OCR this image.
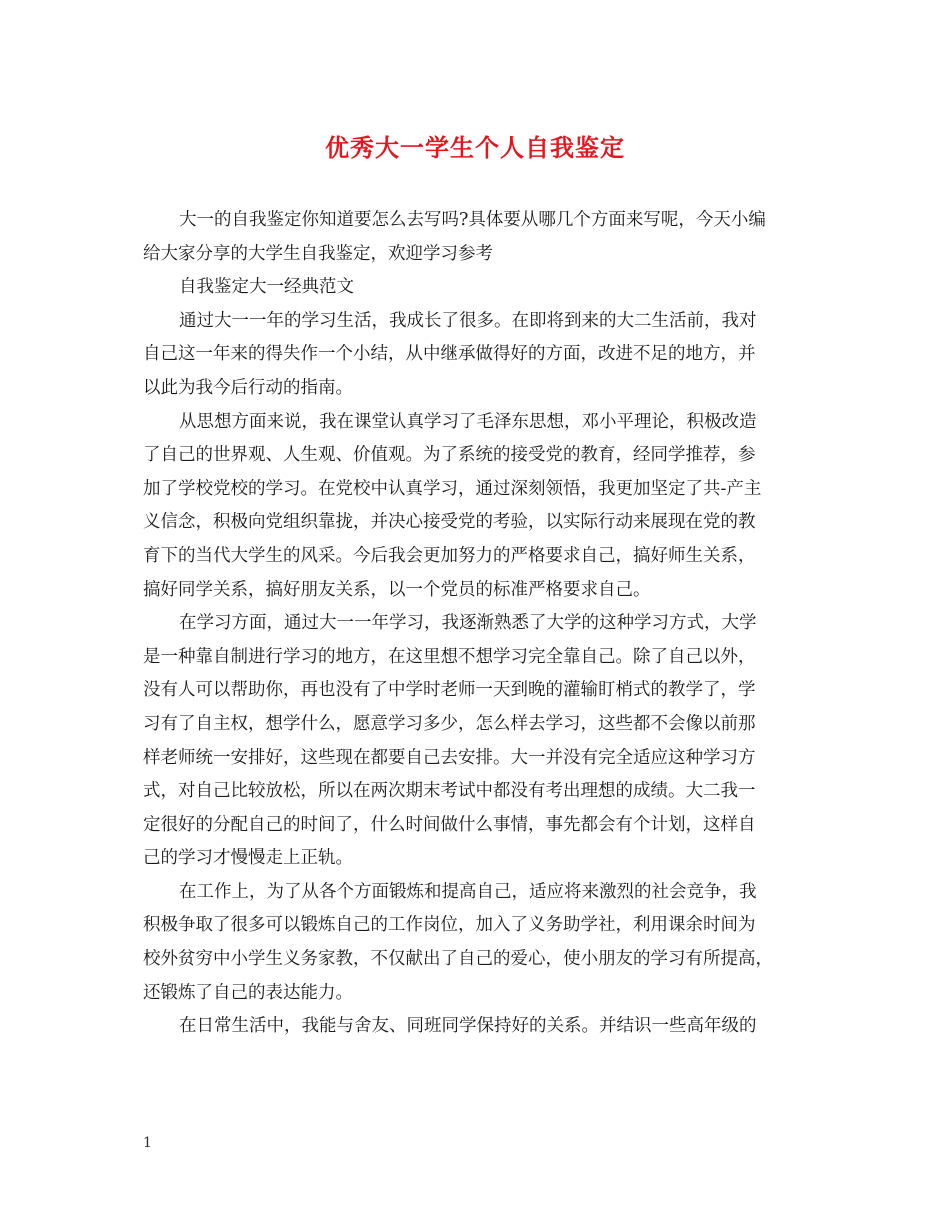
优秀大一学生个人自我鉴定
大一的自我鉴定你知道要怎么去写吗?具体要从哪几个方面来写呢，今天小编
给大家分享的大学生自我鉴定，欢迎学习参考
自我鉴定大一经典范文
通过大一一年的学习生活，我成长了很多。在即将到来的大二生活前，我对
自己这一年来的得失作一个小结，从中继承做得好的方面，改进不足的地方，并
以此为我今后行动的指南。
从思想方面来说，我在课堂认真学习了毛泽东思想，邓小平理论，积极改造
了自己的世界观、人生观、价值观。为了系统的接受党的教育，经同学推荐，参
加了学校党校的学习。在党校中认真学习，通过深刻领悟，我更加坚定了共-产主
义信念，积极向党组织靠拢，并决心接受党的考验，以实际行动来展现在党的教
育下的当代大学生的风采。今后我会更加努力的严格要求自己，搞好师生关系，
搞好同学关系，搞好朋友关系，以一个党员的标准严格要求自己。
在学习方面，通过大一一年学习，我逐渐熟悉了大学的这种学习方式，大学
是一种靠自制进行学习的地方，在这里想不想学习完全靠自己。除了自己以外，
没有人可以帮助你，再也没有了中学时老师一天到晚的灌输盯梢式的教学了，学
习有了自主权，想学什么，愿意学习多少，怎么样去学习，这些都不会像以前那
样老师统一安排好，这些现在都要自己去安排。大一并没有完全适应这种学习方
式，对自己比较放松，所以在两次期末考试中都没有考出理想的成绩。大二我一
定很好的分配自己的时间了，什么时间做什么事情，事先都会有个计划，这样自
己的学习才慢慢走上正轨。
在工作上，为了从各个方面锻炼和提高自己，适应将来激烈的社会竞争，我
积极争取了很多可以锻炼自己的工作岗位，加入了义务助学社，利用课余时间为
校外贫穷中小学生义务家教，不仅献出了自己的爱心，使小朋友的学习有所提高，
还锻炼了自己的表达能力。
在日常生活中，我能与舍友、同班同学保持好的关系。并结识一些高年级的
1
